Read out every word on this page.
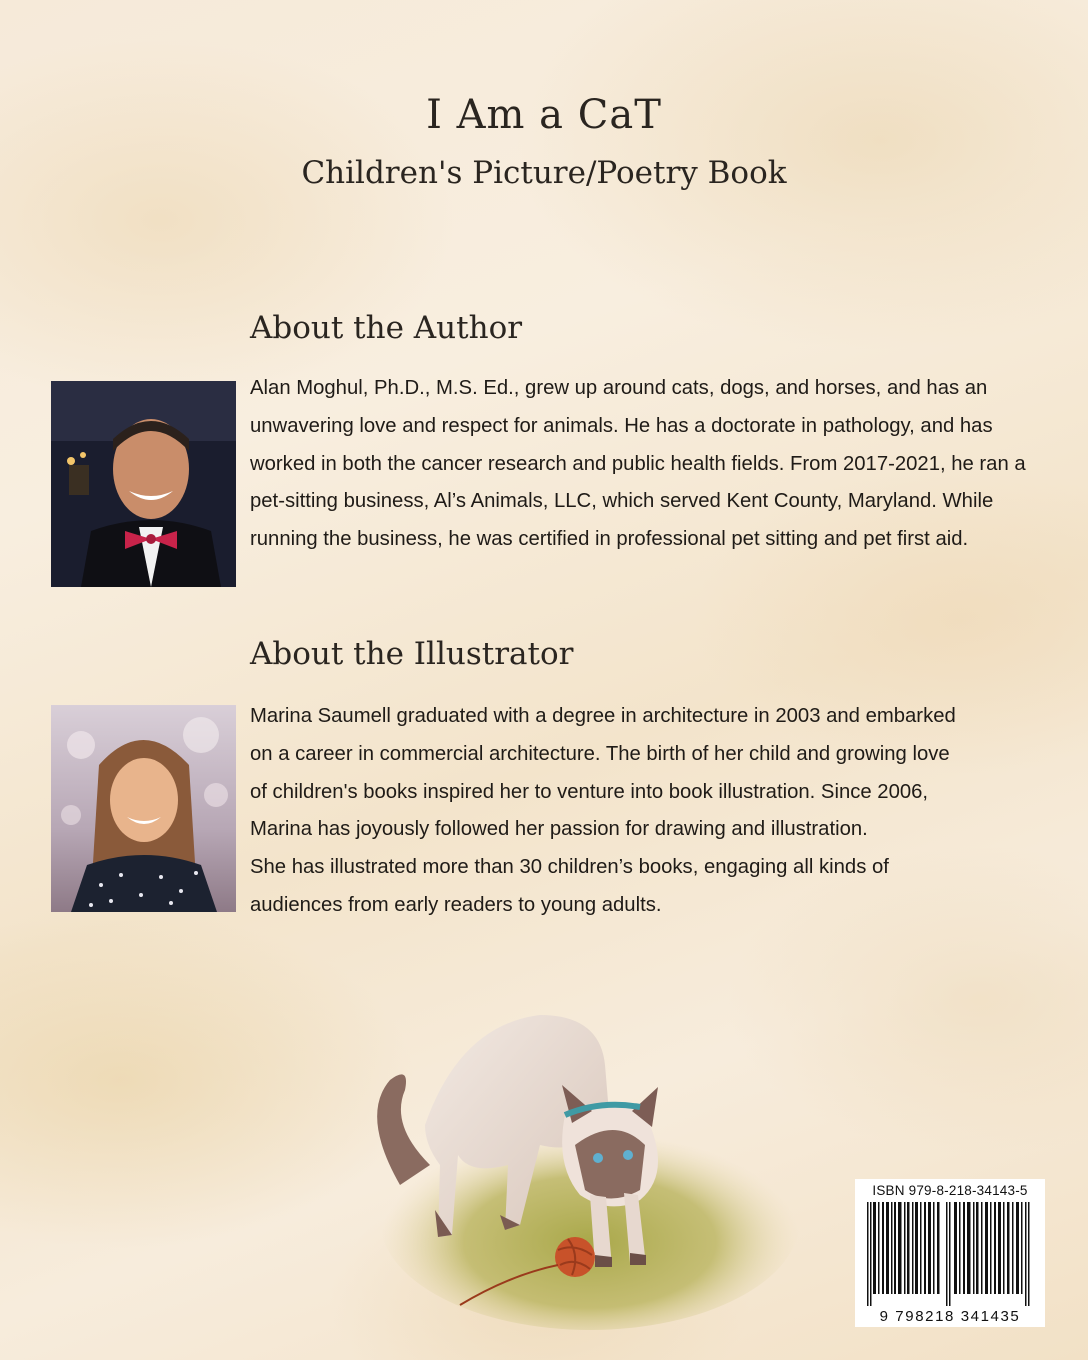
I Am a CaT
Children's Picture/Poetry Book
About the Author
Alan Moghul, Ph.D., M.S. Ed., grew up around cats, dogs, and horses, and has an unwavering love and respect for animals. He has a doctorate in pathology, and has worked in both the cancer research and public health fields. From 2017-2021, he ran a pet-sitting business, Al’s Animals, LLC, which served Kent County, Maryland. While running the business, he was certified in professional pet sitting and pet first aid.
About the Illustrator
Marina Saumell graduated with a degree in architecture in 2003 and embarked
on a career in commercial architecture. The birth of her child and growing love
of children's books inspired her to venture into book illustration. Since 2006,
Marina has joyously followed her passion for drawing and illustration.
She has illustrated more than 30 children’s books, engaging all kinds of
audiences from early readers to young adults.
ISBN 979-8-218-34143-5
9 798218 341435
